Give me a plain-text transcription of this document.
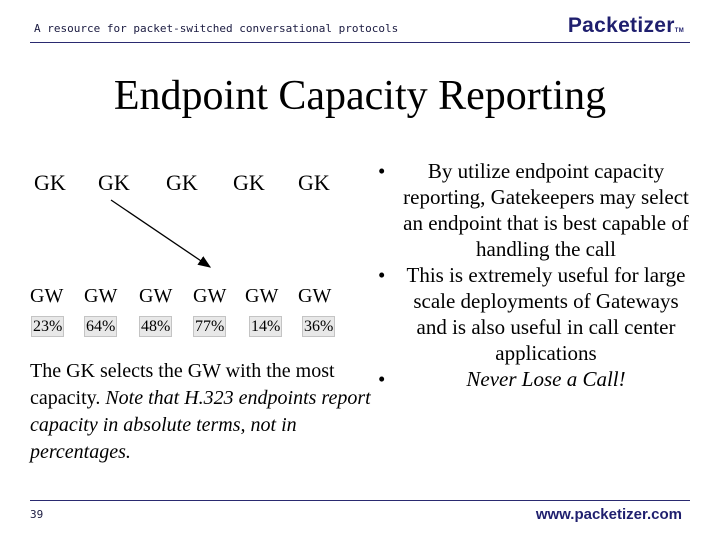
A resource for packet-switched conversational protocols	PacketizerTM
Endpoint Capacity Reporting
GK GK GK GK GK
GW GW GW GW GW GW
23% 64% 48% 77% 14% 36%
The GK selects the GW with the most capacity. Note that H.323 endpoints report capacity in absolute terms, not in percentages.
• By utilize endpoint capacity reporting, Gatekeepers may select an endpoint that is best capable of handling the call
• This is extremely useful for large scale deployments of Gateways and is also useful in call center applications
•	Never Lose a Call!
39	www.packetizer.com
